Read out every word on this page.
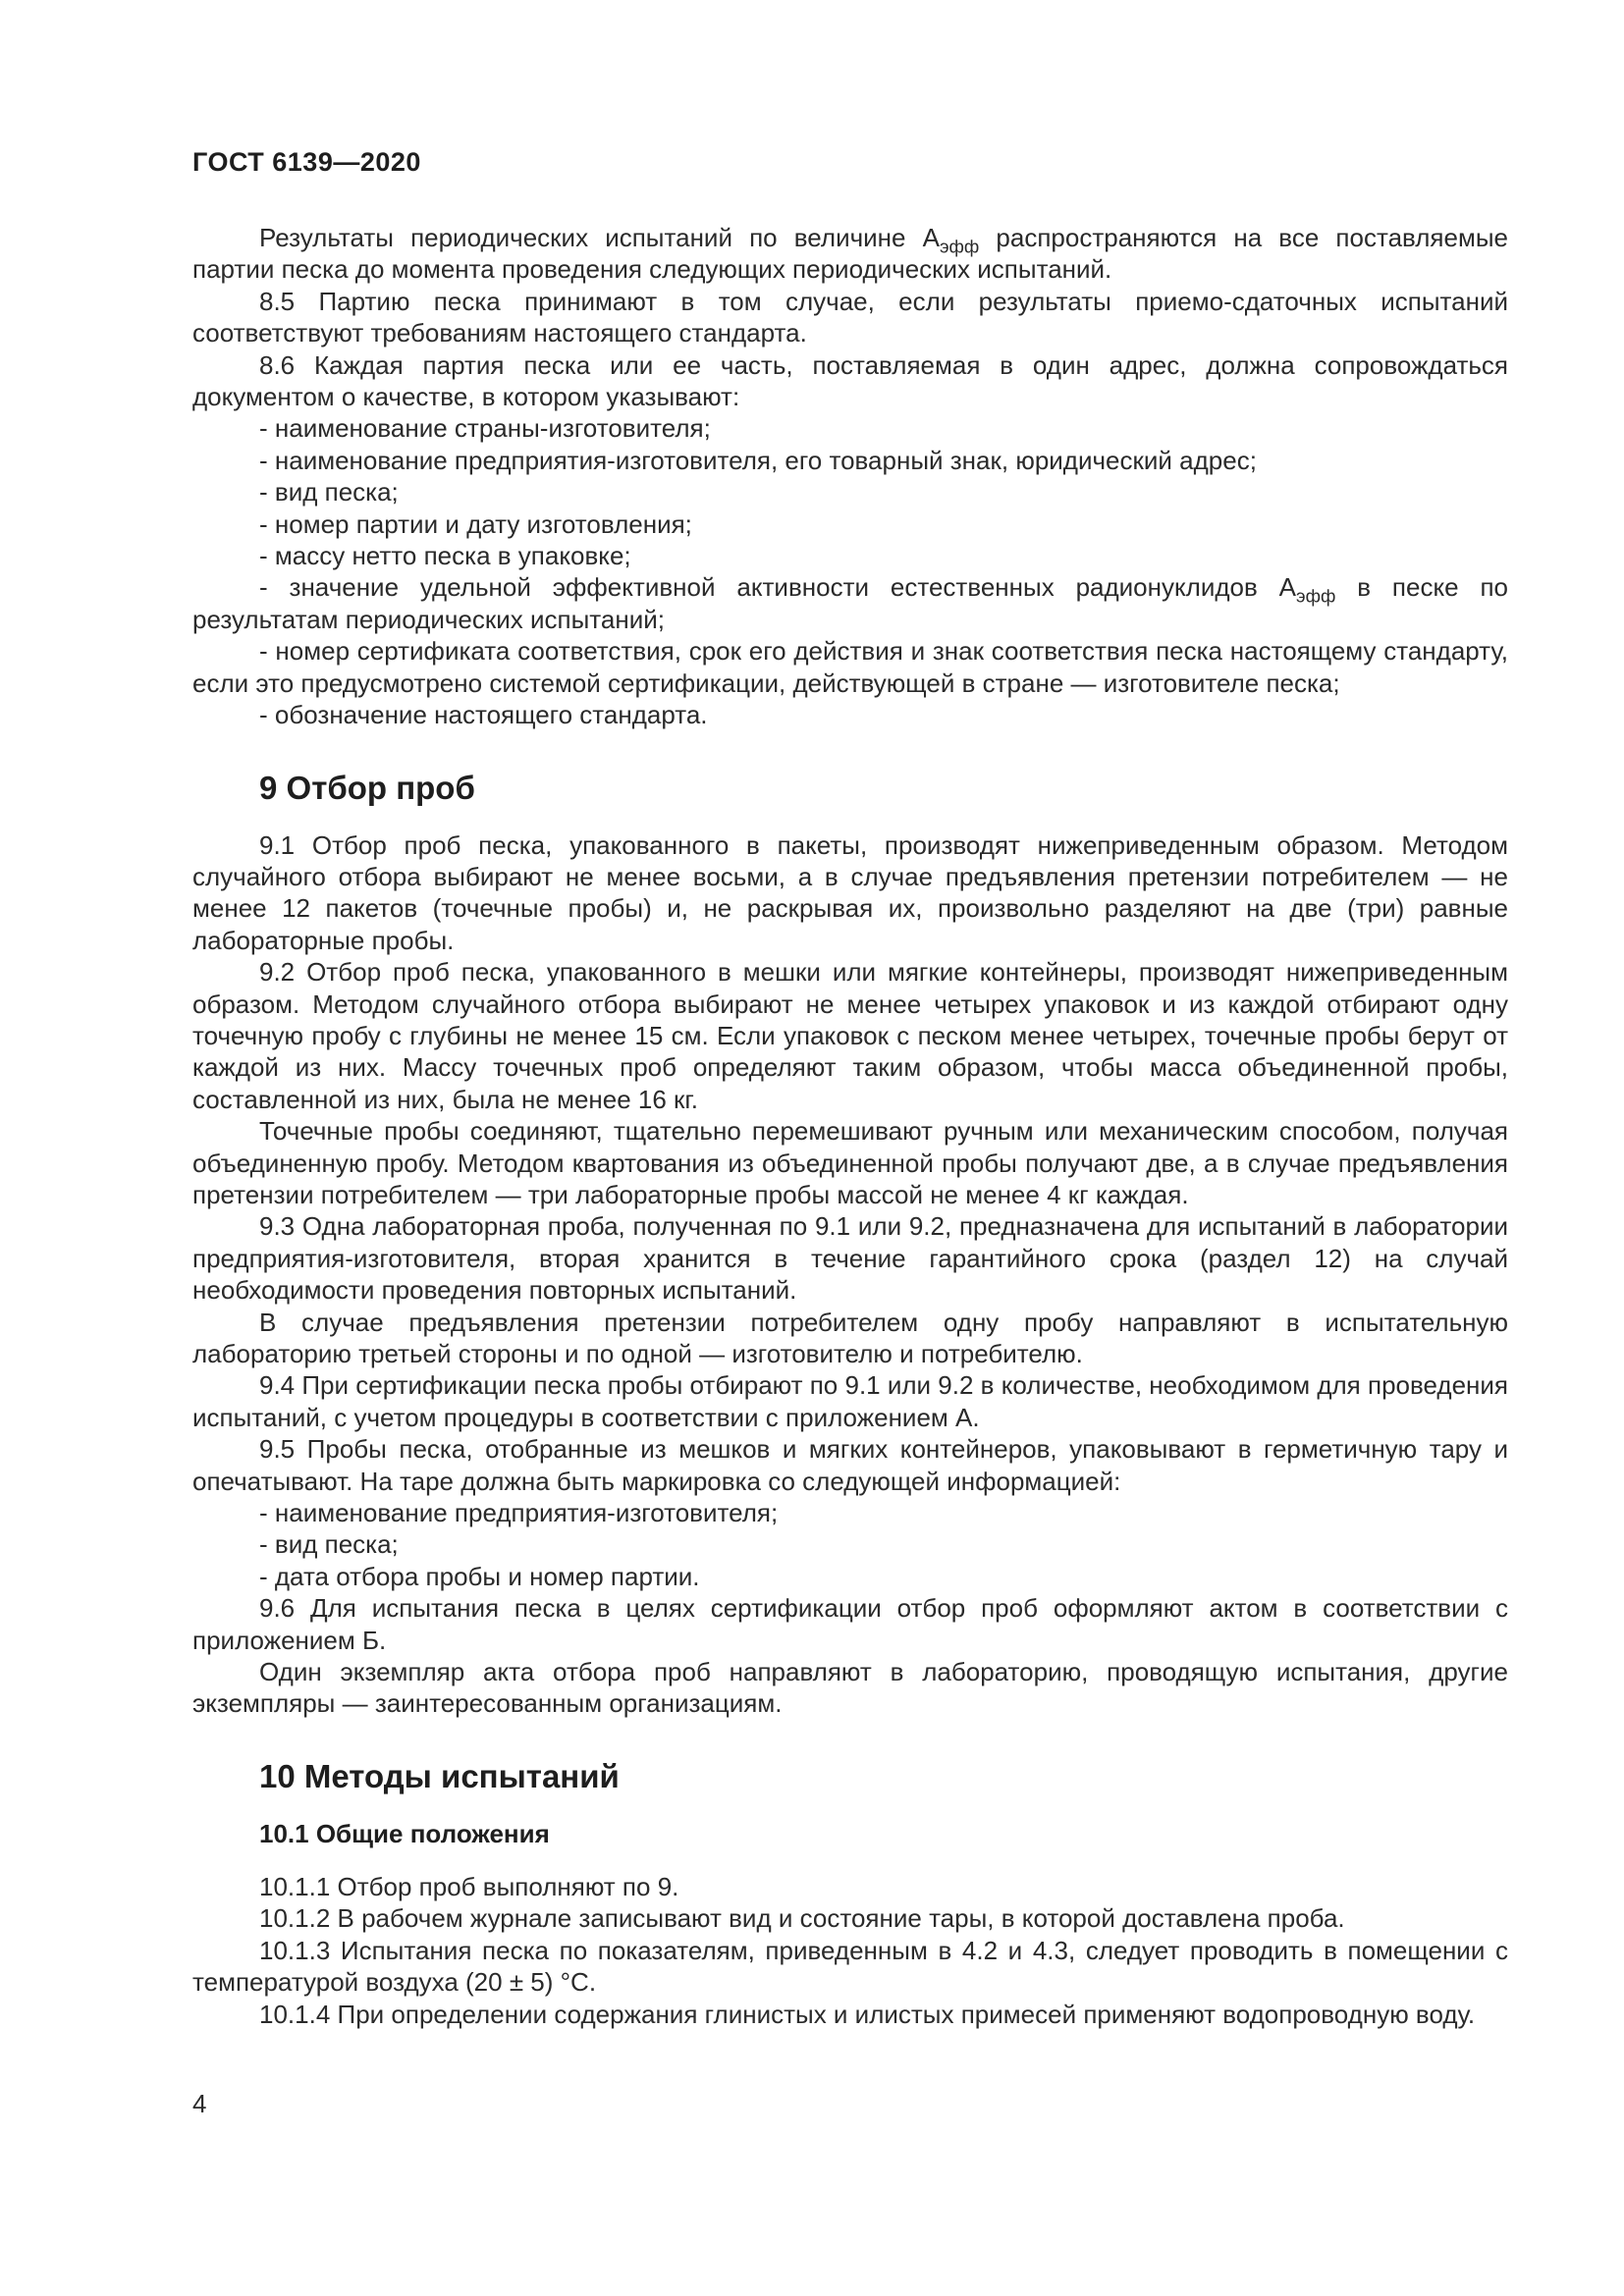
ГОСТ 6139—2020

Результаты периодических испытаний по величине $А_{эфф}$ распространяются на все поставляемые партии песка до момента проведения следующих периодических испытаний.

8.5 Партию песка принимают в том случае, если результаты приемо-сдаточных испытаний соответствуют требованиям настоящего стандарта.

8.6 Каждая партия песка или ее часть, поставляемая в один адрес, должна сопровождаться документом о качестве, в котором указывают:

- наименование страны-изготовителя;

- наименование предприятия-изготовителя, его товарный знак, юридический адрес;

- вид песка;

- номер партии и дату изготовления;

- массу нетто песка в упаковке;

- значение удельной эффективной активности естественных радионуклидов $А_{эфф}$ в песке по результатам периодических испытаний;

- номер сертификата соответствия, срок его действия и знак соответствия песка настоящему стандарту, если это предусмотрено системой сертификации, действующей в стране — изготовителе песка;

- обозначение настоящего стандарта.

9 Отбор проб

9.1 Отбор проб песка, упакованного в пакеты, производят нижеприведенным образом. Методом случайного отбора выбирают не менее восьми, а в случае предъявления претензии потребителем — не менее 12 пакетов (точечные пробы) и, не раскрывая их, произвольно разделяют на две (три) равные лабораторные пробы.

9.2 Отбор проб песка, упакованного в мешки или мягкие контейнеры, производят нижеприведенным образом. Методом случайного отбора выбирают не менее четырех упаковок и из каждой отбирают одну точечную пробу с глубины не менее 15 см. Если упаковок с песком менее четырех, точечные пробы берут от каждой из них. Массу точечных проб определяют таким образом, чтобы масса объединенной пробы, составленной из них, была не менее 16 кг.

Точечные пробы соединяют, тщательно перемешивают ручным или механическим способом, получая объединенную пробу. Методом квартования из объединенной пробы получают две, а в случае предъявления претензии потребителем — три лабораторные пробы массой не менее 4 кг каждая.

9.3 Одна лабораторная проба, полученная по 9.1 или 9.2, предназначена для испытаний в лаборатории предприятия-изготовителя, вторая хранится в течение гарантийного срока (раздел 12) на случай необходимости проведения повторных испытаний.

В случае предъявления претензии потребителем одну пробу направляют в испытательную лабораторию третьей стороны и по одной — изготовителю и потребителю.

9.4 При сертификации песка пробы отбирают по 9.1 или 9.2 в количестве, необходимом для проведения испытаний, с учетом процедуры в соответствии с приложением А.

9.5 Пробы песка, отобранные из мешков и мягких контейнеров, упаковывают в герметичную тару и опечатывают. На таре должна быть маркировка со следующей информацией:

- наименование предприятия-изготовителя;

- вид песка;

- дата отбора пробы и номер партии.

9.6 Для испытания песка в целях сертификации отбор проб оформляют актом в соответствии с приложением Б.

Один экземпляр акта отбора проб направляют в лабораторию, проводящую испытания, другие экземпляры — заинтересованным организациям.

10 Методы испытаний
10.1 Общие положения

10.1.1 Отбор проб выполняют по 9.

10.1.2 В рабочем журнале записывают вид и состояние тары, в которой доставлена проба.

10.1.3 Испытания песка по показателям, приведенным в 4.2 и 4.3, следует проводить в помещении с температурой воздуха (20 ± 5) °С.

10.1.4 При определении содержания глинистых и илистых примесей применяют водопроводную воду.

4
